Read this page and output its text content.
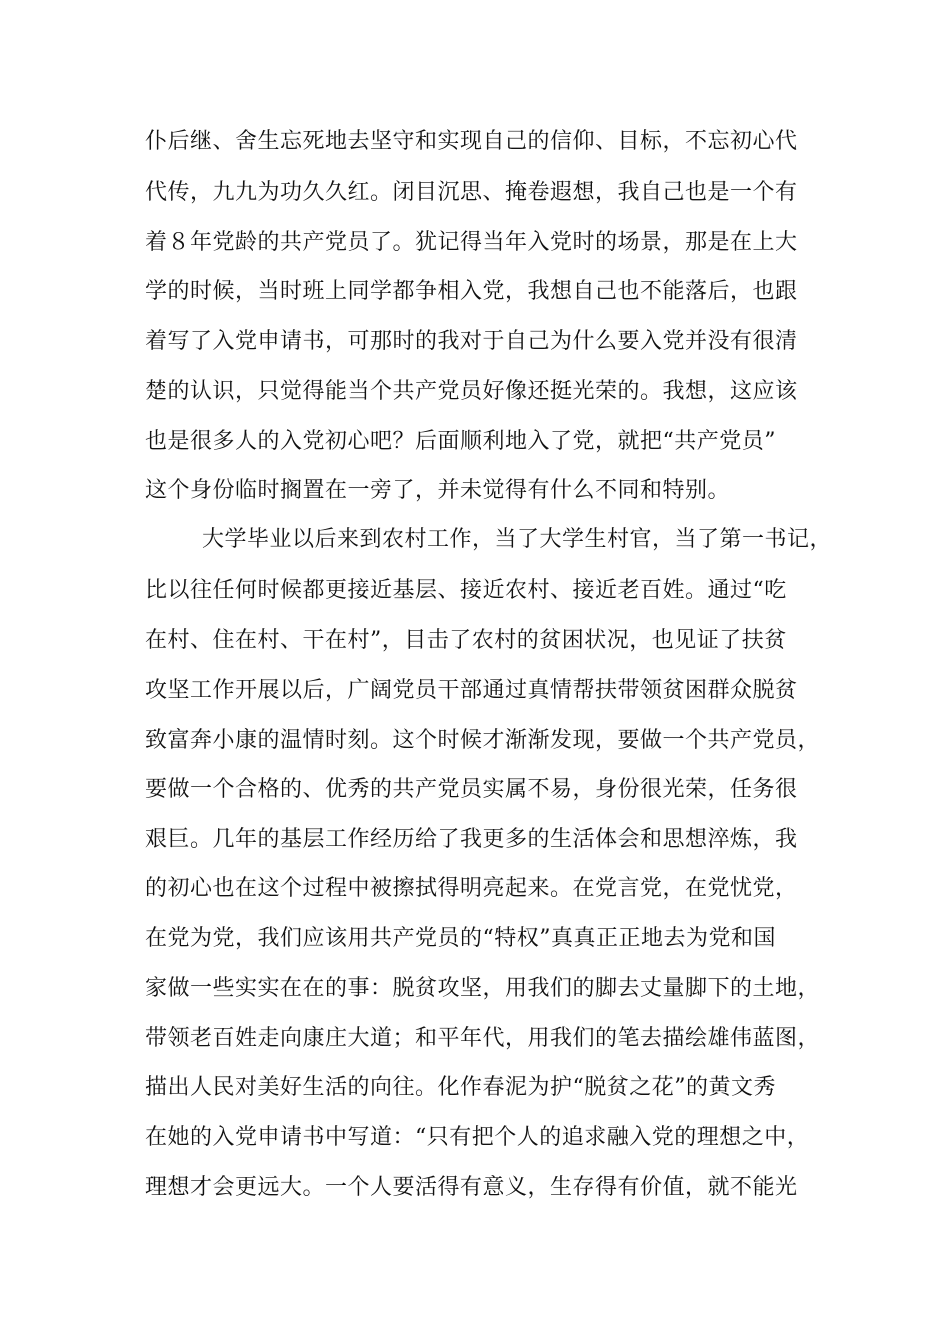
仆后继、舍生忘死地去坚守和实现自己的信仰、目标，不忘初心代
代传，九九为功久久红。闭目沉思、掩卷遐想，我自己也是一个有
着８年党龄的共产党员了。犹记得当年入党时的场景，那是在上大
学的时候，当时班上同学都争相入党，我想自己也不能落后，也跟
着写了入党申请书，可那时的我对于自己为什么要入党并没有很清
楚的认识，只觉得能当个共产党员好像还挺光荣的。我想，这应该
也是很多人的入党初心吧？后面顺利地入了党，就把“共产党员”
这个身份临时搁置在一旁了，并未觉得有什么不同和特别。
大学毕业以后来到农村工作，当了大学生村官，当了第一书记，
比以往任何时候都更接近基层、接近农村、接近老百姓。通过“吃
在村、住在村、干在村”，目击了农村的贫困状况，也见证了扶贫
攻坚工作开展以后，广阔党员干部通过真情帮扶带领贫困群众脱贫
致富奔小康的温情时刻。这个时候才渐渐发现，要做一个共产党员，
要做一个合格的、优秀的共产党员实属不易，身份很光荣，任务很
艰巨。几年的基层工作经历给了我更多的生活体会和思想淬炼，我
的初心也在这个过程中被擦拭得明亮起来。在党言党，在党忧党，
在党为党，我们应该用共产党员的“特权”真真正正地去为党和国
家做一些实实在在的事：脱贫攻坚，用我们的脚去丈量脚下的土地，
带领老百姓走向康庄大道；和平年代，用我们的笔去描绘雄伟蓝图，
描出人民对美好生活的向往。化作春泥为护“脱贫之花”的黄文秀
在她的入党申请书中写道：“只有把个人的追求融入党的理想之中，
理想才会更远大。一个人要活得有意义，生存得有价值，就不能光
